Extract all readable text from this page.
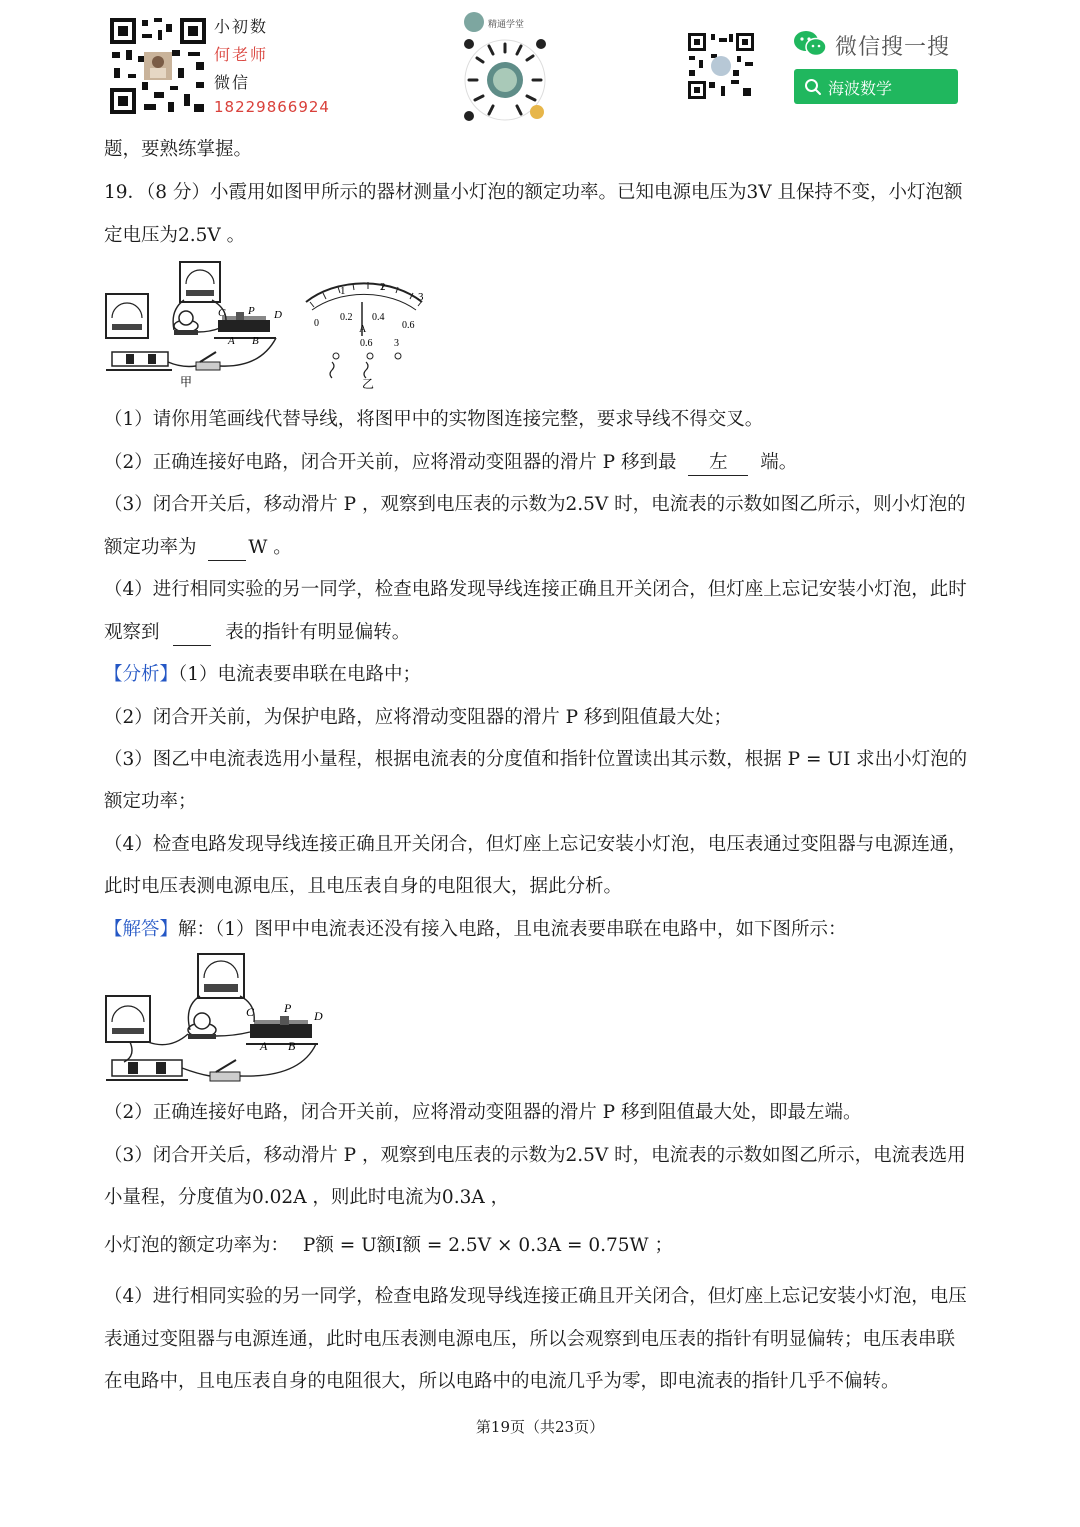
小初数
何老师
微信
18229866924
精通学堂
微信搜一搜
海波数学
题，要熟练掌握。
19．（8 分）小霞用如图甲所示的器材测量小灯泡的额定功率。已知电源电压为3V 且保持不变，小灯泡额
定电压为2.5V 。
C P D
A B
甲
1	2
3
0
0.2 0.4
0.6
A
0.6 3
乙
（1）请你用笔画线代替导线，将图甲中的实物图连接完整，要求导线不得交叉。
（2）正确连接好电路，闭合开关前，应将滑动变阻器的滑片 P 移到最 左 端。
（3）闭合开关后，移动滑片 P ，观察到电压表的示数为2.5V 时，电流表的示数如图乙所示，则小灯泡的
额定功率为	W 。
（4）进行相同实验的另一同学，检查电路发现导线连接正确且开关闭合，但灯座上忘记安装小灯泡，此时
观察到	表的指针有明显偏转。
【分析】（1）电流表要串联在电路中；
（2）闭合开关前，为保护电路，应将滑动变阻器的滑片 P 移到阻值最大处；
（3）图乙中电流表选用小量程，根据电流表的分度值和指针位置读出其示数，根据 P = UI 求出小灯泡的
额定功率；
（4）检查电路发现导线连接正确且开关闭合，但灯座上忘记安装小灯泡，电压表通过变阻器与电源连通，
此时电压表测电源电压，且电压表自身的电阻很大，据此分析。
【解答】解：（1）图甲中电流表还没有接入电路，且电流表要串联在电路中，如下图所示：
C P
D
A B
（2）正确连接好电路，闭合开关前，应将滑动变阻器的滑片 P 移到阻值最大处，即最左端。
（3）闭合开关后，移动滑片 P ，观察到电压表的示数为2.5V 时，电流表的示数如图乙所示，电流表选用
小量程，分度值为0.02A ，则此时电流为0.3A ，
小灯泡的额定功率为： P额 = U额I额 = 2.5V × 0.3A = 0.75W ；
（4）进行相同实验的另一同学，检查电路发现导线连接正确且开关闭合，但灯座上忘记安装小灯泡，电压
表通过变阻器与电源连通，此时电压表测电源电压，所以会观察到电压表的指针有明显偏转；电压表串联
在电路中，且电压表自身的电阻很大，所以电路中的电流几乎为零，即电流表的指针几乎不偏转。
第19页（共23页）
